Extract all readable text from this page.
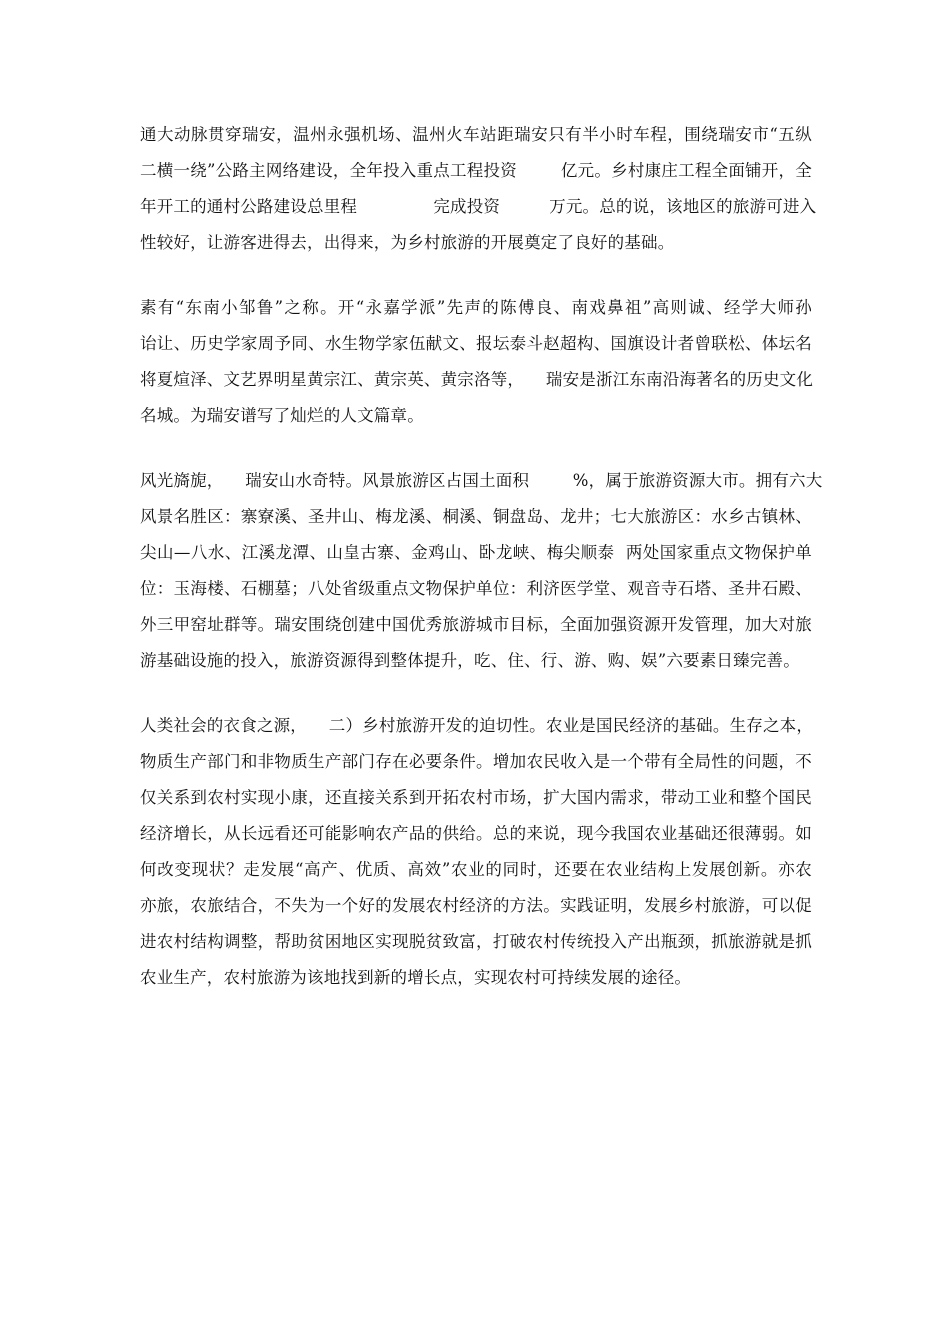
通大动脉贯穿瑞安，温州永强机场、温州火车站距瑞安只有半小时车程，围绕瑞安市“五纵
二横一绕”公路主网络建设，全年投入重点工程投资        亿元。乡村康庄工程全面铺开，全
年开工的通村公路建设总里程              完成投资         万元。总的说，该地区的旅游可进入
性较好，让游客进得去，出得来，为乡村旅游的开展奠定了良好的基础。
素有“东南小邹鲁”之称。开“永嘉学派”先声的陈傅良、南戏鼻祖”高则诚、经学大师孙
诒让、历史学家周予同、水生物学家伍献文、报坛泰斗赵超构、国旗设计者曾联松、体坛名
将夏煊泽、文艺界明星黄宗江、黄宗英、黄宗洛等，    瑞安是浙江东南沿海著名的历史文化
名城。为瑞安谱写了灿烂的人文篇章。
风光旖旎，    瑞安山水奇特。风景旅游区占国土面积        %，属于旅游资源大市。拥有六大
风景名胜区：寨寮溪、圣井山、梅龙溪、桐溪、铜盘岛、龙井；七大旅游区：水乡古镇林、
尖山—八水、江溪龙潭、山皇古寨、金鸡山、卧龙峡、梅尖顺泰  两处国家重点文物保护单
位：玉海楼、石棚墓；八处省级重点文物保护单位：利济医学堂、观音寺石塔、圣井石殿、
外三甲窑址群等。瑞安围绕创建中国优秀旅游城市目标，全面加强资源开发管理，加大对旅
游基础设施的投入，旅游资源得到整体提升，吃、住、行、游、购、娱”六要素日臻完善。
人类社会的衣食之源，    二）乡村旅游开发的迫切性。农业是国民经济的基础。生存之本，
物质生产部门和非物质生产部门存在必要条件。增加农民收入是一个带有全局性的问题，不
仅关系到农村实现小康，还直接关系到开拓农村市场，扩大国内需求，带动工业和整个国民
经济增长，从长远看还可能影响农产品的供给。总的来说，现今我国农业基础还很薄弱。如
何改变现状？走发展“高产、优质、高效”农业的同时，还要在农业结构上发展创新。亦农
亦旅，农旅结合，不失为一个好的发展农村经济的方法。实践证明，发展乡村旅游，可以促
进农村结构调整，帮助贫困地区实现脱贫致富，打破农村传统投入产出瓶颈，抓旅游就是抓
农业生产，农村旅游为该地找到新的增长点，实现农村可持续发展的途径。
